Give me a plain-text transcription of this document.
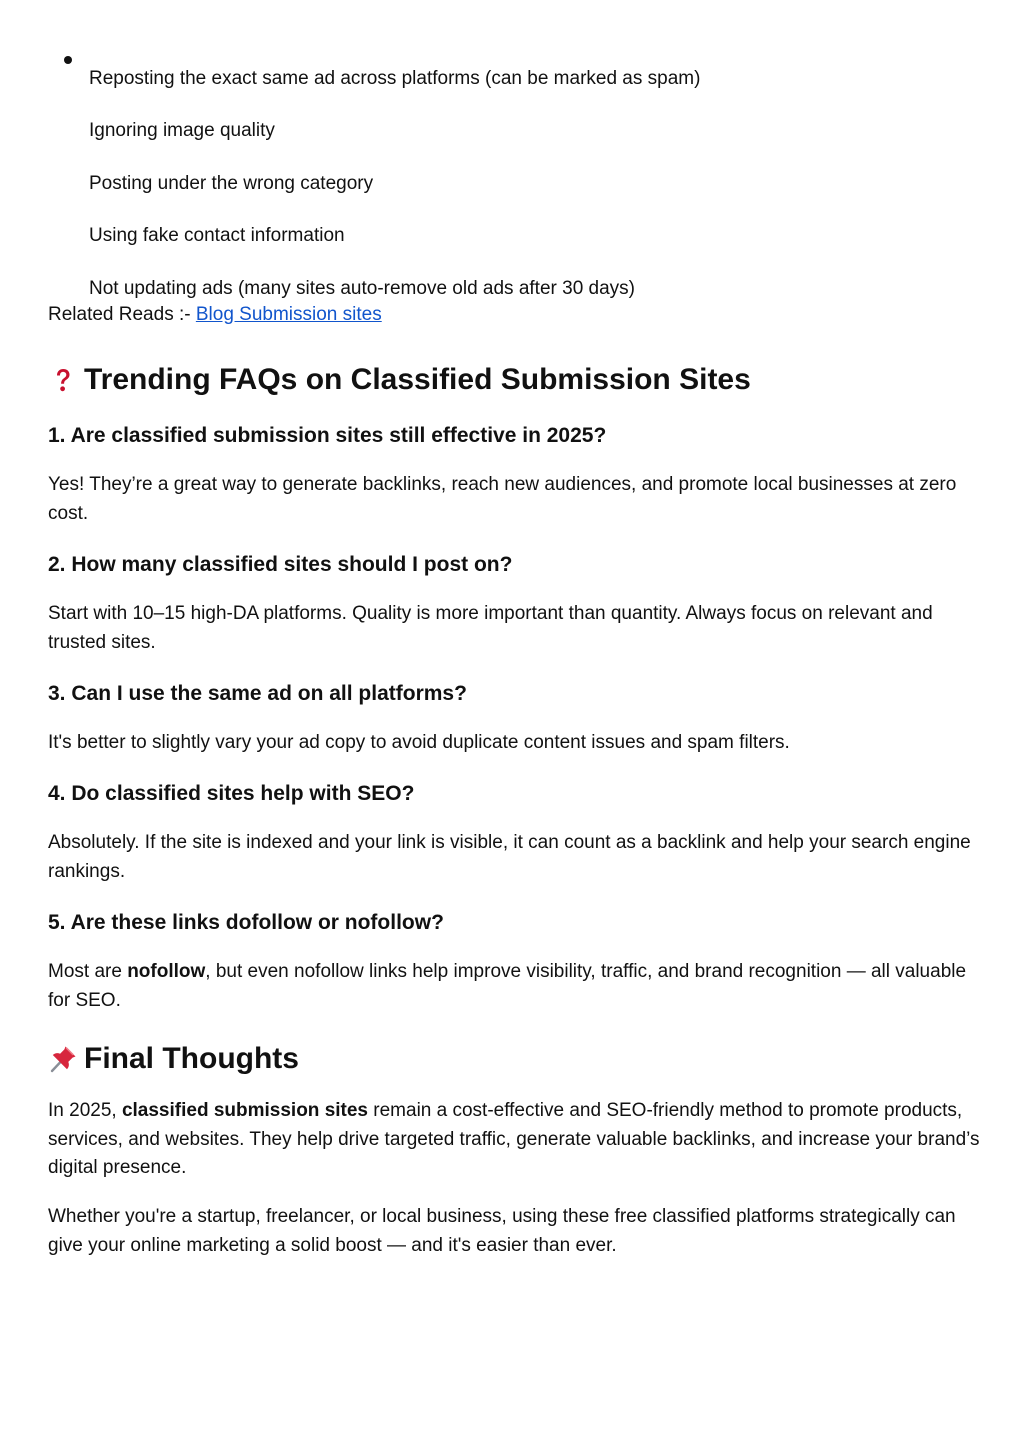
Reposting the exact same ad across platforms (can be marked as spam)

Ignoring image quality

Posting under the wrong category

Using fake contact information

Not updating ads (many sites auto-remove old ads after 30 days)

Related Reads :- Blog Submission sites

Trending FAQs on Classified Submission Sites
1. Are classified submission sites still effective in 2025?

Yes! They’re a great way to generate backlinks, reach new audiences, and promote local businesses at zero cost.

2. How many classified sites should I post on?

Start with 10–15 high-DA platforms. Quality is more important than quantity. Always focus on relevant and trusted sites.

3. Can I use the same ad on all platforms?

It's better to slightly vary your ad copy to avoid duplicate content issues and spam filters.

4. Do classified sites help with SEO?

Absolutely. If the site is indexed and your link is visible, it can count as a backlink and help your search engine rankings.

5. Are these links dofollow or nofollow?

Most are nofollow, but even nofollow links help improve visibility, traffic, and brand recognition — all valuable for SEO.

Final Thoughts

In 2025, classified submission sites remain a cost-effective and SEO-friendly method to promote products, services, and websites. They help drive targeted traffic, generate valuable backlinks, and increase your brand’s digital presence.

Whether you're a startup, freelancer, or local business, using these free classified platforms strategically can give your online marketing a solid boost — and it's easier than ever.
